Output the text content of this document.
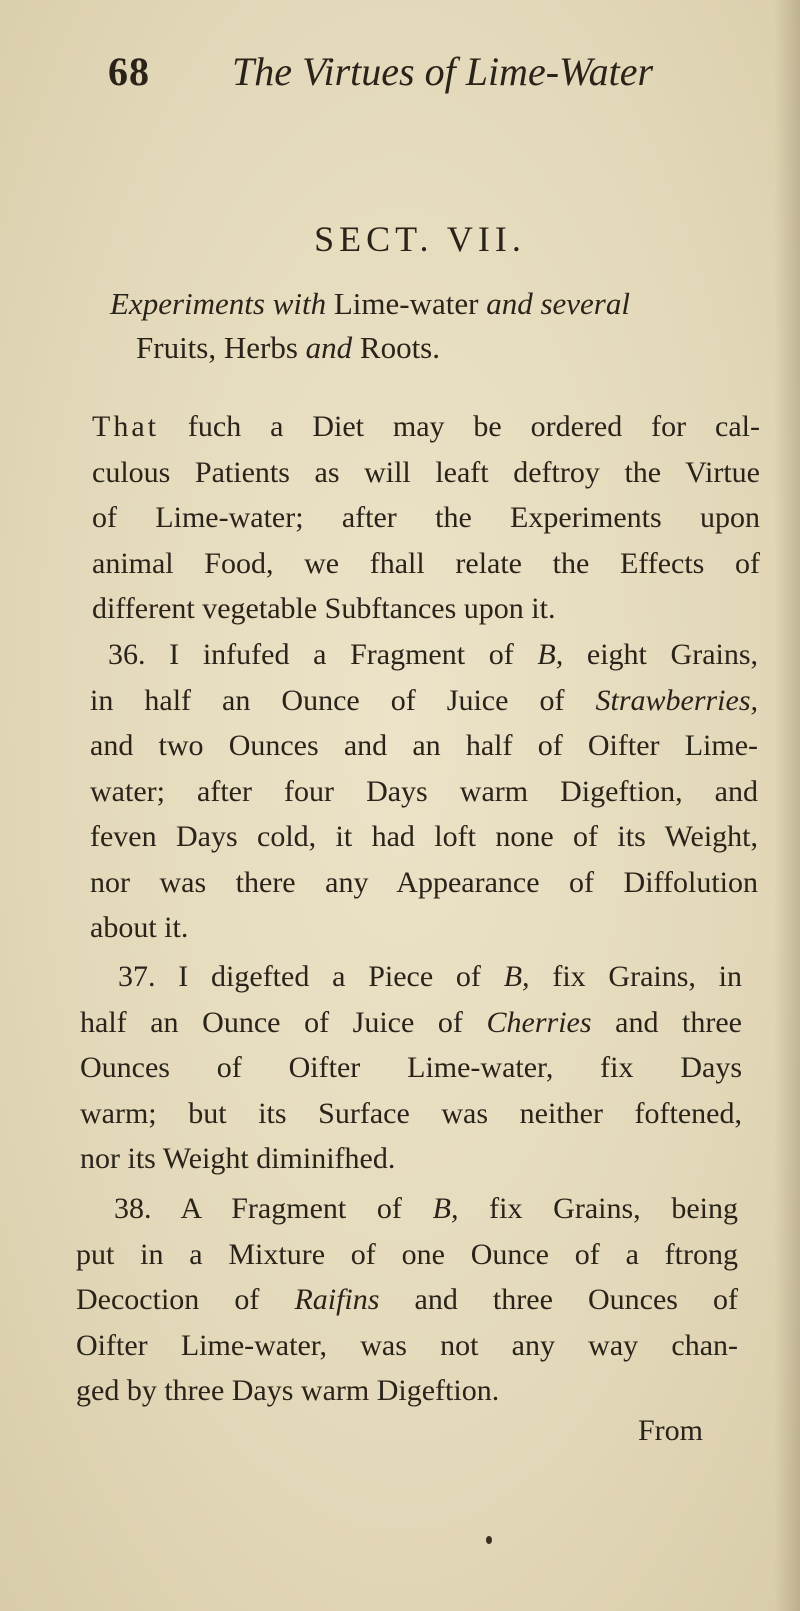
68 The Virtues of Lime-Water
SECT. VII.
Experiments with Lime-water and several
Fruits, Herbs and Roots.
That fuch a Diet may be ordered for cal-
culous Patients as will leaft deftroy the Virtue
of Lime-water; after the Experiments upon
animal Food, we fhall relate the Effects of
different vegetable Subftances upon it.
36. I infufed a Fragment of B, eight Grains,
in half an Ounce of Juice of Strawberries,
and two Ounces and an half of Oifter Lime-
water; after four Days warm Digeftion, and
feven Days cold, it had loft none of its Weight,
nor was there any Appearance of Diffolution
about it.
37. I digefted a Piece of B, fix Grains, in
half an Ounce of Juice of Cherries and three
Ounces of Oifter Lime-water, fix Days
warm; but its Surface was neither foftened,
nor its Weight diminifhed.
38. A Fragment of B, fix Grains, being
put in a Mixture of one Ounce of a ftrong
Decoction of Raifins and three Ounces of
Oifter Lime-water, was not any way chan-
ged by three Days warm Digeftion.
From
